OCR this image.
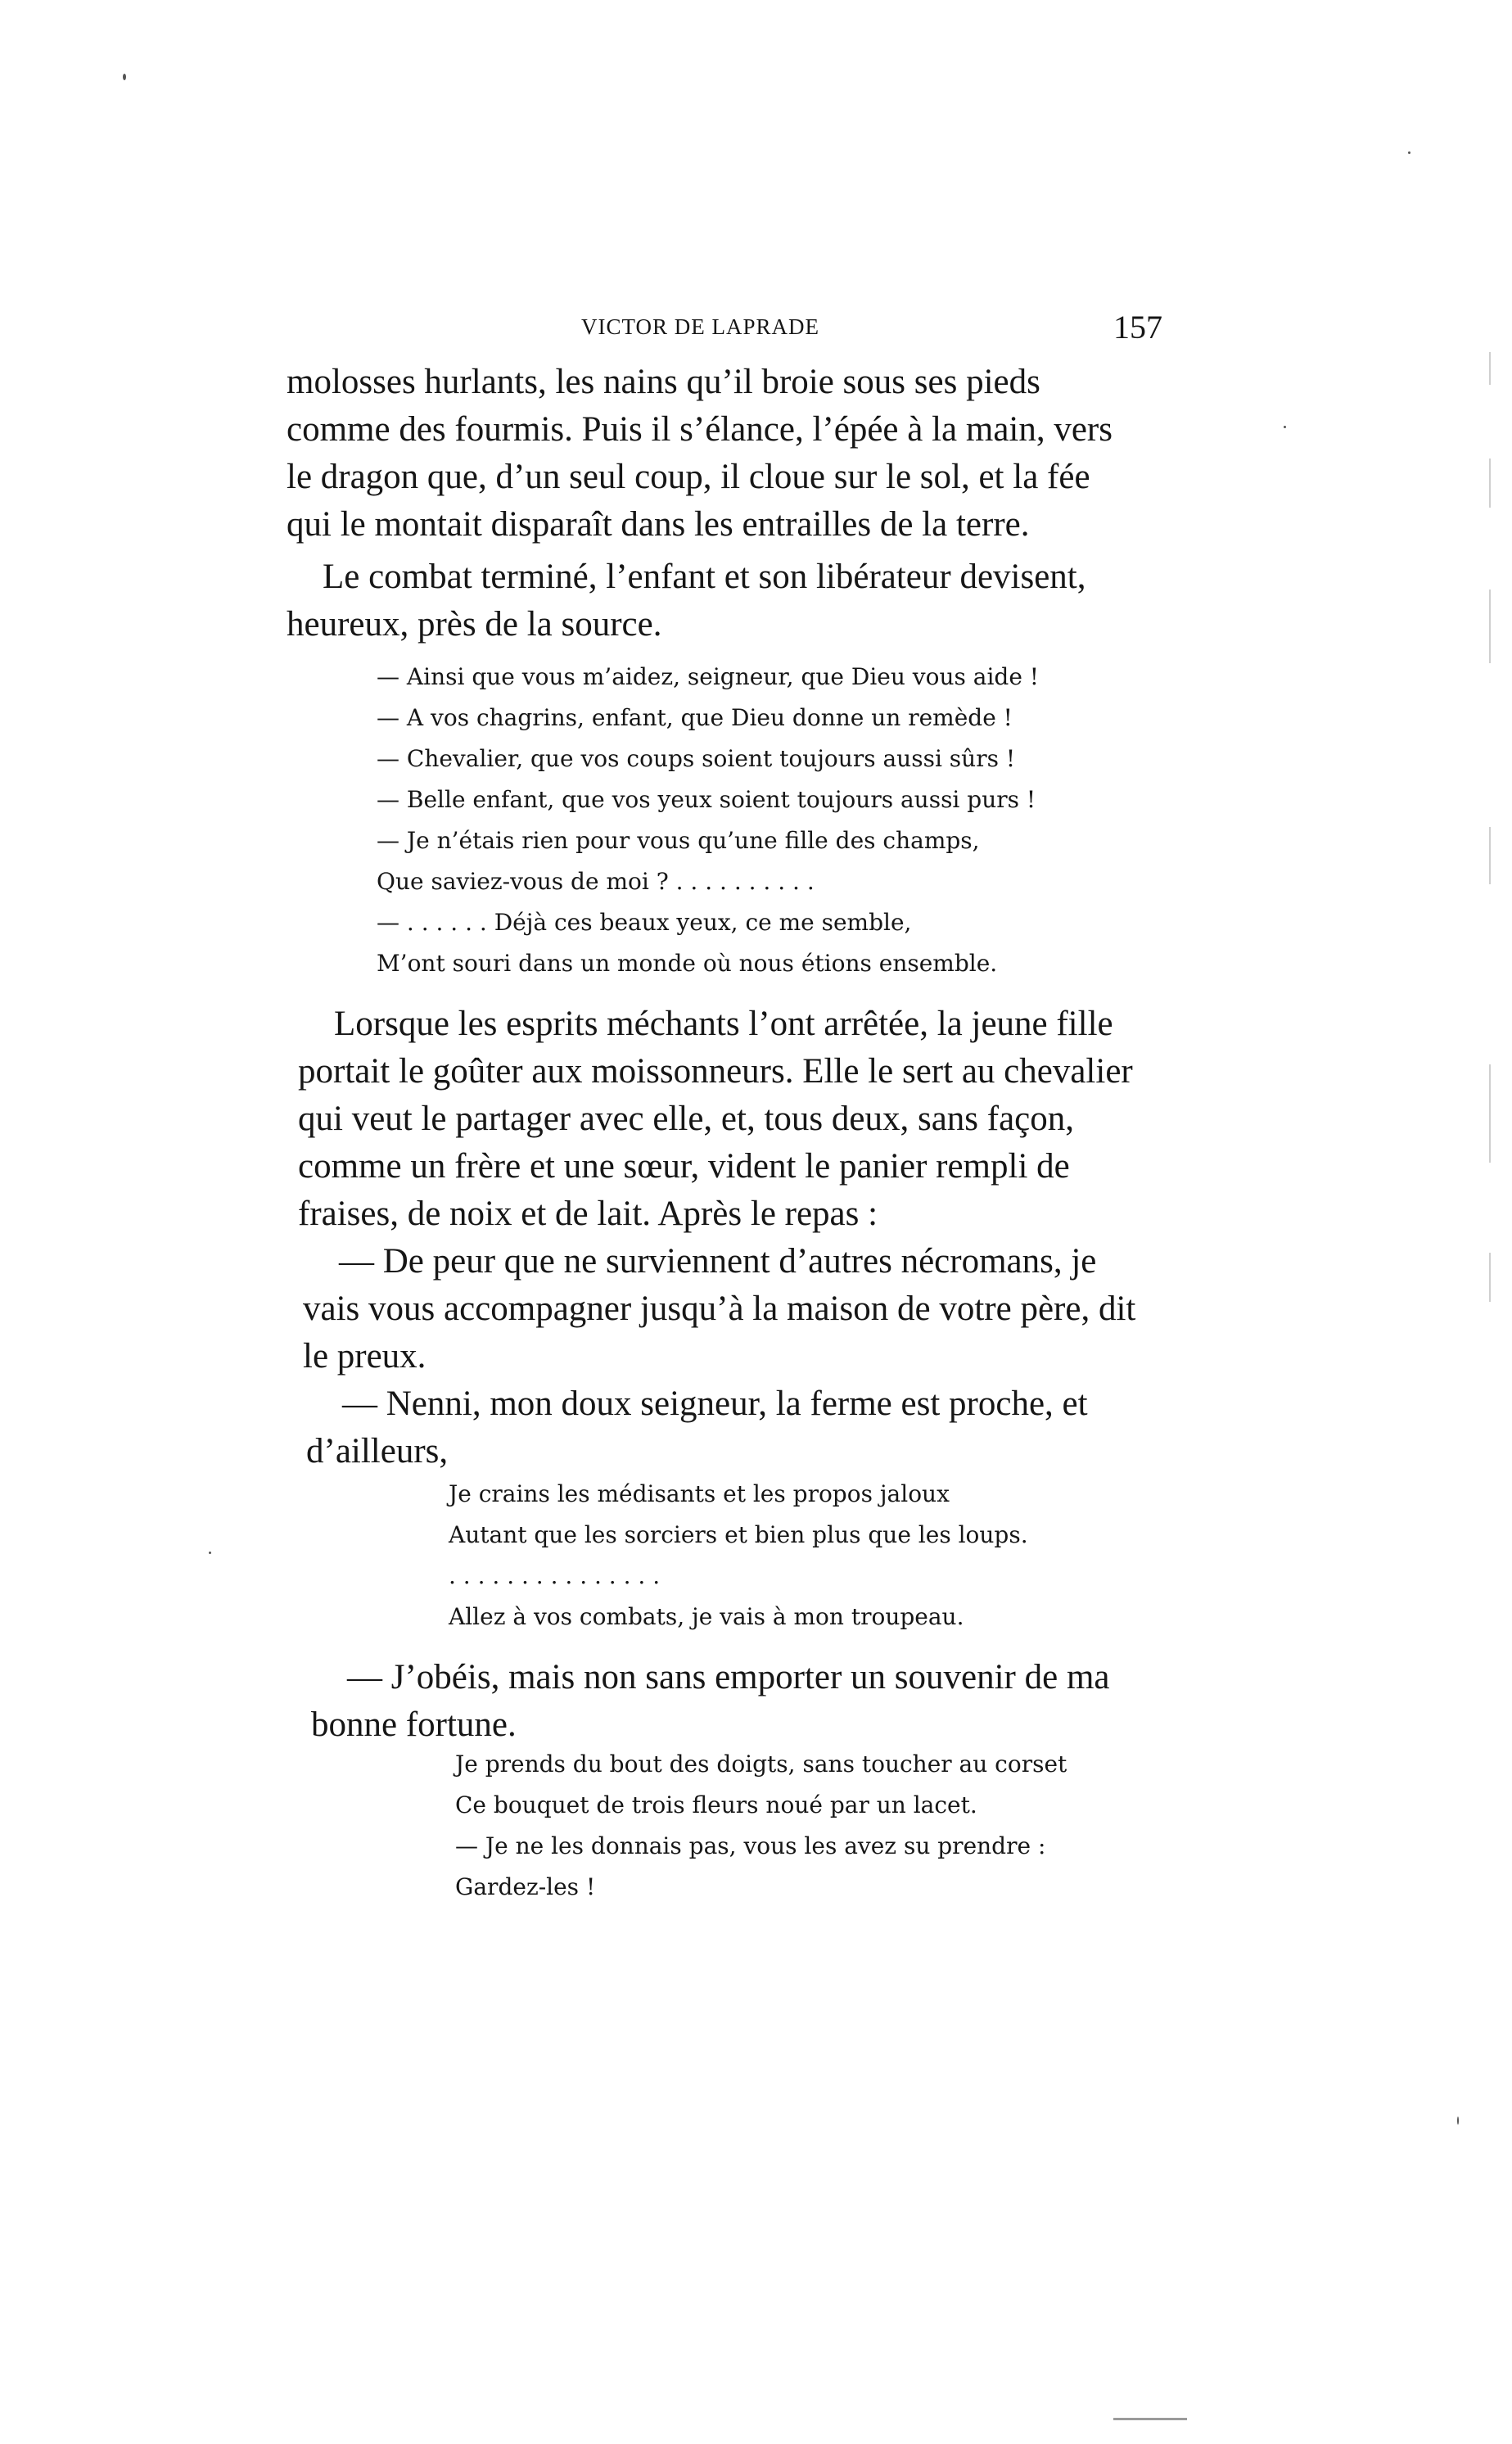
VICTOR DE LAPRADE	157

molosses hurlants, les nains qu’il broie sous ses pieds

comme des fourmis. Puis il s’élance, l’épée à la main, vers

le dragon que, d’un seul coup, il cloue sur le sol, et la fée

qui le montait disparaît dans les entrailles de la terre.

Le combat terminé, l’enfant et son libérateur devisent,

heureux, près de la source.

— Ainsi que vous m’aidez, seigneur, que Dieu vous aide !
— A vos chagrins, enfant, que Dieu donne un remède !
— Chevalier, que vos coups soient toujours aussi sûrs !
— Belle enfant, que vos yeux soient toujours aussi purs !
— Je n’étais rien pour vous qu’une fille des champs,
Que saviez-vous de moi ? . . . . . . . . . .
— . . . . . . Déjà ces beaux yeux, ce me semble,
M’ont souri dans un monde où nous étions ensemble.

Lorsque les esprits méchants l’ont arrêtée, la jeune fille

portait le goûter aux moissonneurs. Elle le sert au chevalier

qui veut le partager avec elle, et, tous deux, sans façon,

comme un frère et une sœur, vident le panier rempli de

fraises, de noix et de lait. Après le repas :

— De peur que ne surviennent d’autres nécromans, je

vais vous accompagner jusqu’à la maison de votre père, dit

le preux.

— Nenni, mon doux seigneur, la ferme est proche, et

d’ailleurs,

Je crains les médisants et les propos jaloux
Autant que les sorciers et bien plus que les loups.
. . . . . . . . . . . . . . .
Allez à vos combats, je vais à mon troupeau.

— J’obéis, mais non sans emporter un souvenir de ma

bonne fortune.

Je prends du bout des doigts, sans toucher au corset
Ce bouquet de trois fleurs noué par un lacet.
— Je ne les donnais pas, vous les avez su prendre :
Gardez-les !
